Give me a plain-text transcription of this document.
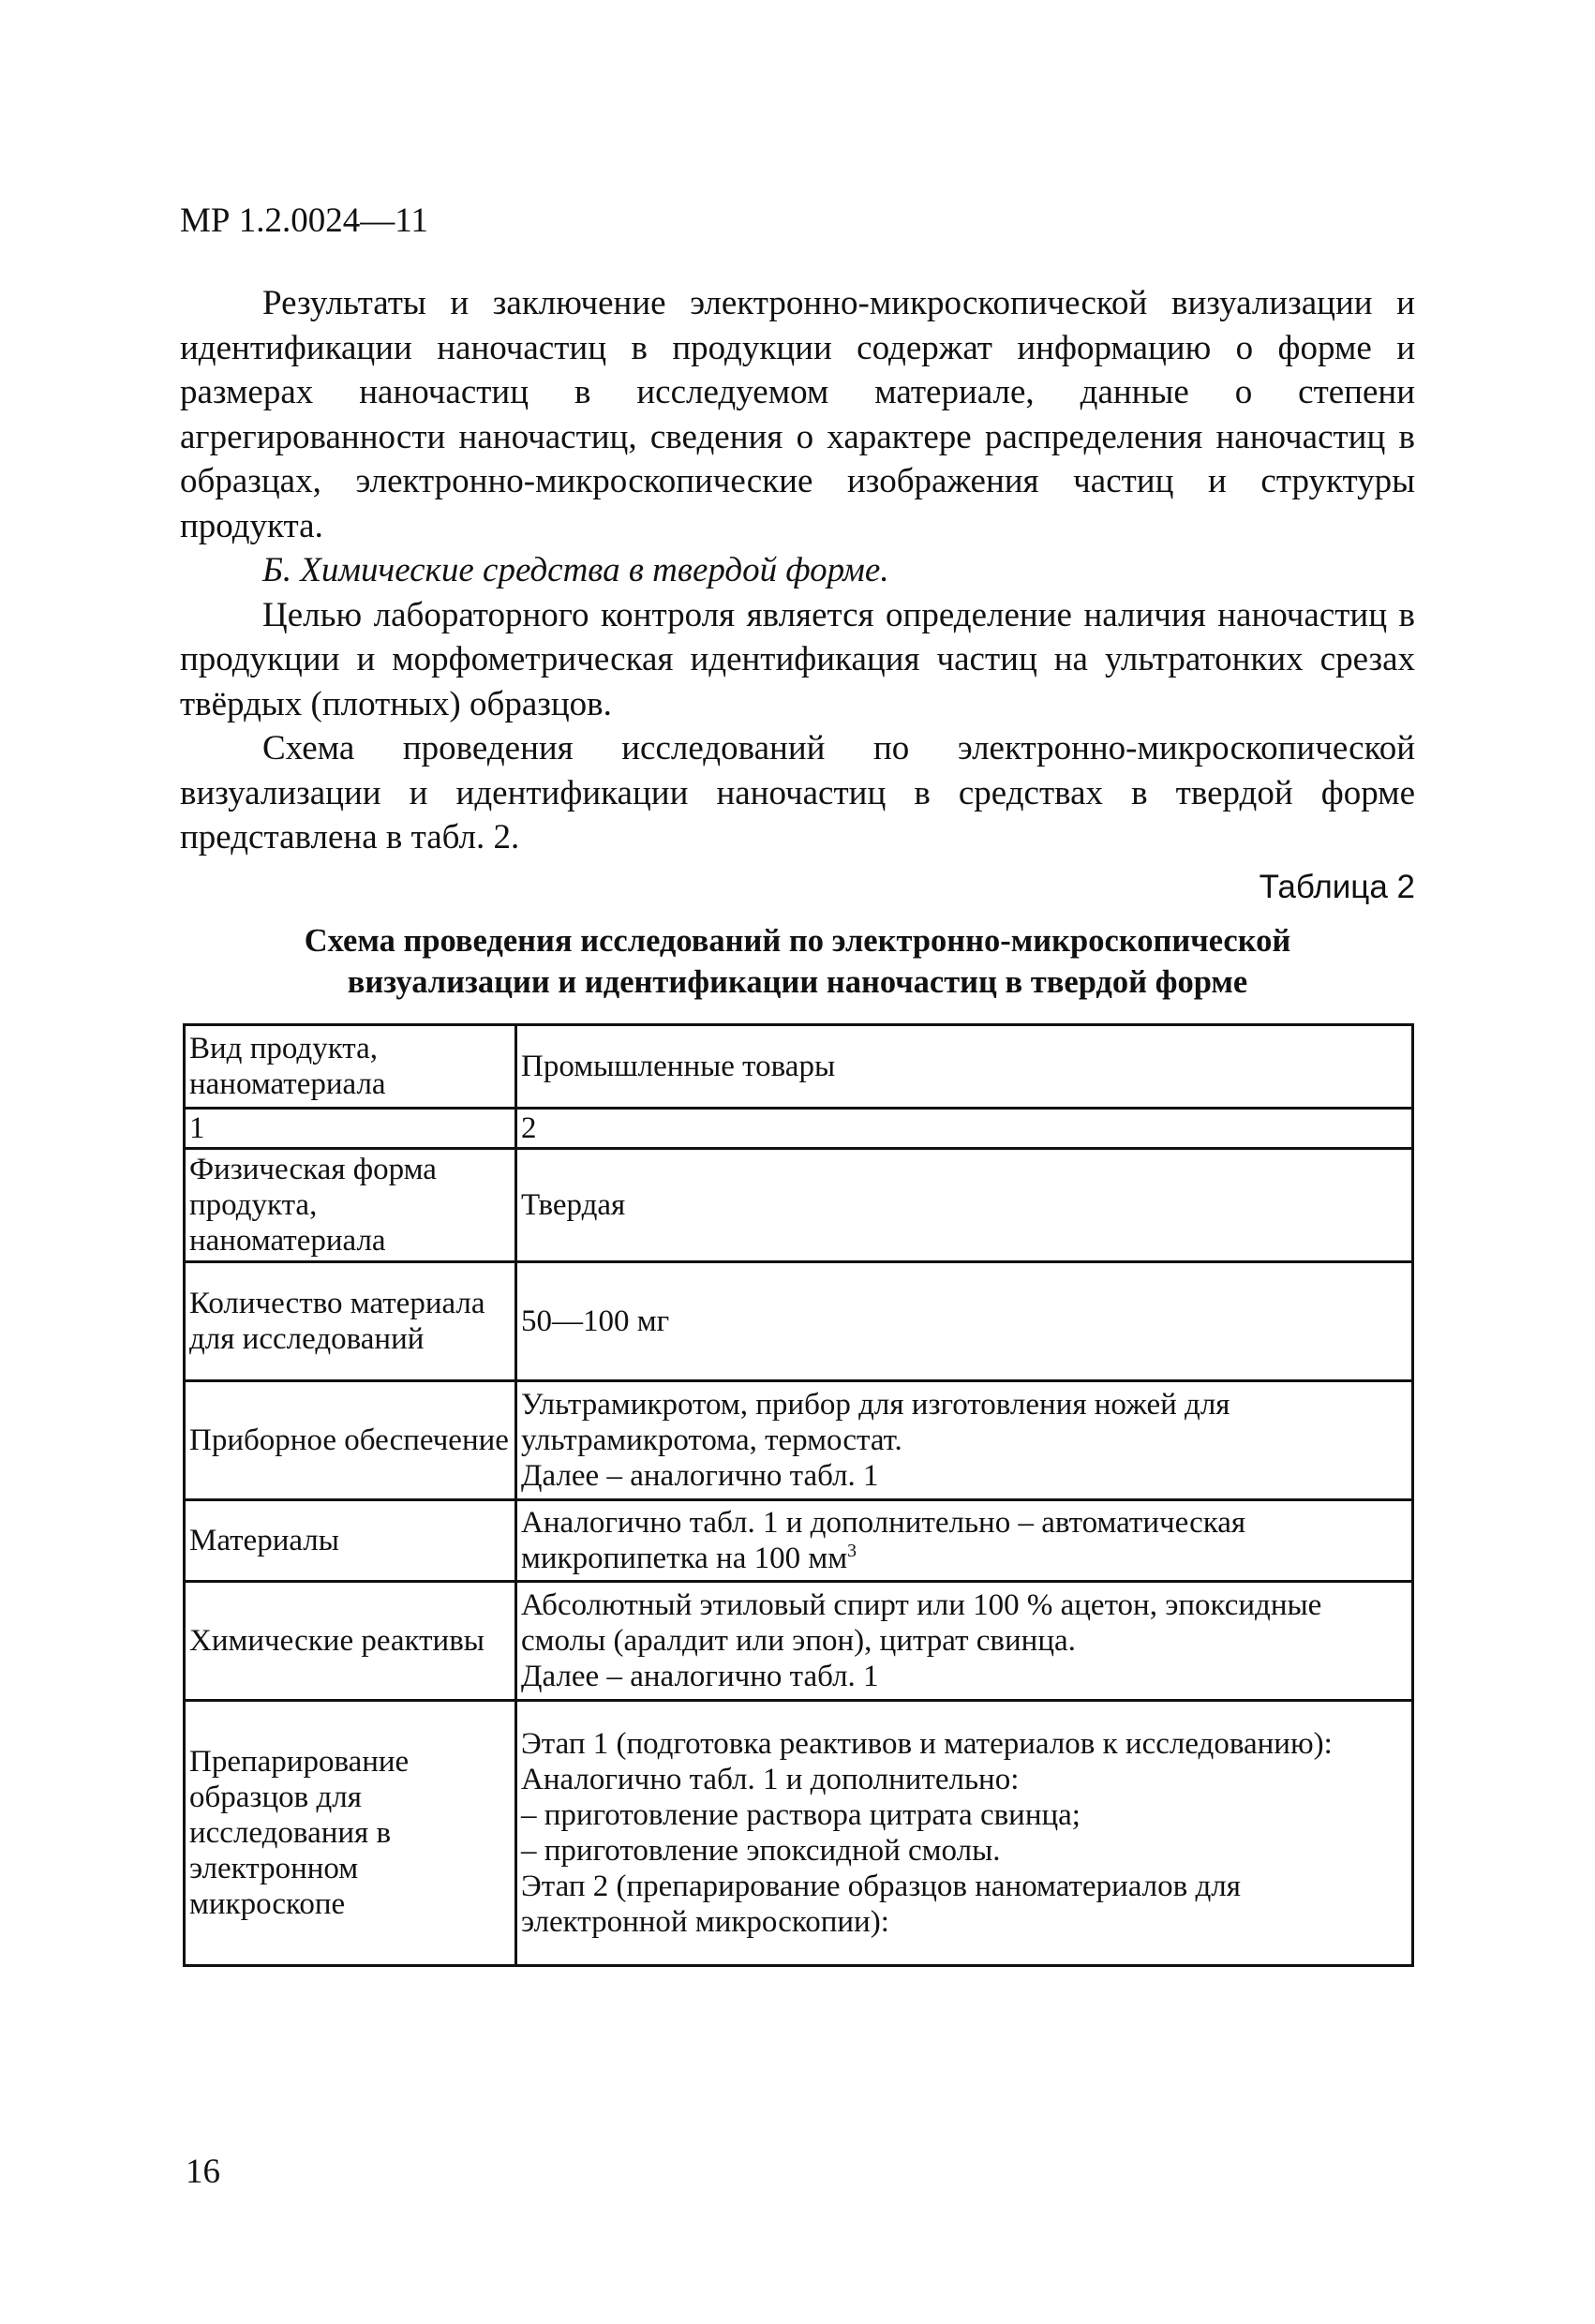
МР 1.2.0024—11

Результаты и заключение электронно-микроскопической визуализации и идентификации наночастиц в продукции содержат информацию о форме и размерах наночастиц в исследуемом материале, данные о степени агрегированности наночастиц, сведения о характере распределения наночастиц в образцах, электронно-микроскопические изображения частиц и структуры продукта.

Б. Химические средства в твердой форме.

Целью лабораторного контроля является определение наличия наночастиц в продукции и морфометрическая идентификация частиц на ультратонких срезах твёрдых (плотных) образцов.

Схема проведения исследований по электронно-микроскопической визуализации и идентификации наночастиц в средствах в твердой форме представлена в табл. 2.

Таблица 2
Схема проведения исследований по электронно-микроскопической
визуализации и идентификации наночастиц в твердой форме
Вид продукта, наноматериала	Промышленные товары
1	2
Физическая форма продукта, наноматериала	Твердая

Количество материала для исследований	50—100 мг

Приборное обеспечение	Ультрамикротом, прибор для изготовления ножей для ультрамикротома, термостат.
Далее – аналогично табл. 1

Материалы	Аналогично табл. 1 и дополнительно – автоматическая микропипетка на 100 $мм^3$

Химические реактивы	Абсолютный этиловый спирт или 100 % ацетон, эпоксидные смолы (аралдит или эпон), цитрат свинца.
Далее – аналогично табл. 1

Препарирование образцов для исследования в электронном микроскопе	Этап 1 (подготовка реактивов и материалов к исследованию):
Аналогично табл. 1 и дополнительно:
– приготовление раствора цитрата свинца;
– приготовление эпоксидной смолы.
Этап 2 (препарирование образцов наноматериалов для электронной микроскопии):
16
